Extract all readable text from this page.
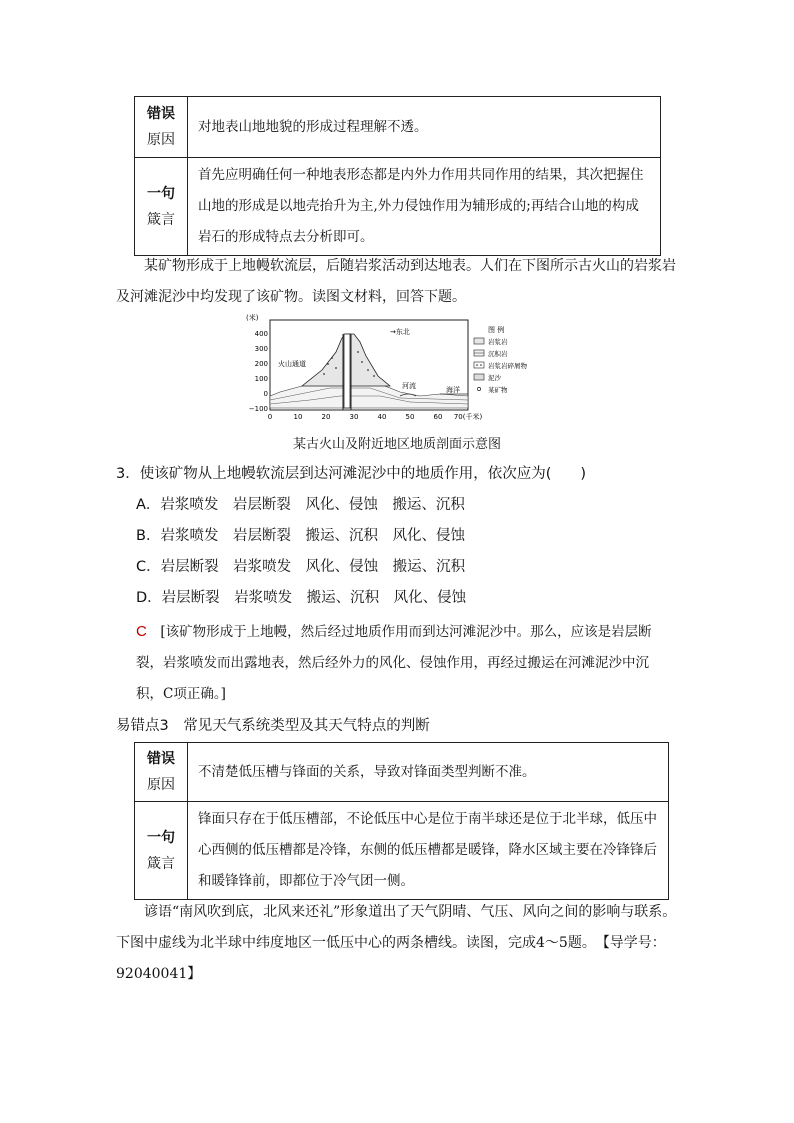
错误
原因	对地表山地地貌的形成过程理解不透。
一句
箴言	首先应明确任何一种地表形态都是内外力作用共同作用的结果，其次把握住山地的形成是以地壳抬升为主,外力侵蚀作用为辅形成的;再结合山地的构成岩石的形成特点去分析即可。

某矿物形成于上地幔软流层，后随岩浆活动到达地表。人们在下图所示古火山的岩浆岩及河滩泥沙中均发现了该矿物。读图文材料，回答下题。

(米)
400
300
200
100
0
−100
0	10	20	30	40	50	60 70(千米)
火山通道
→东北
河流	海洋
图 例
岩浆岩
沉积岩
岩浆岩碎屑物
泥沙
某矿物

某古火山及附近地区地质剖面示意图

3．使该矿物从上地幔软流层到达河滩泥沙中的地质作用，依次应为(　　)

A．岩浆喷发　岩层断裂　风化、侵蚀　搬运、沉积

B．岩浆喷发　岩层断裂　搬运、沉积　风化、侵蚀

C．岩层断裂　岩浆喷发　风化、侵蚀　搬运、沉积

D．岩层断裂　岩浆喷发　搬运、沉积　风化、侵蚀

C　 [该矿物形成于上地幔，然后经过地质作用而到达河滩泥沙中。那么，应该是岩层断裂，岩浆喷发而出露地表，然后经外力的风化、侵蚀作用，再经过搬运在河滩泥沙中沉积，C项正确。]

易错点3　常见天气系统类型及其天气特点的判断

错误
原因	不清楚低压槽与锋面的关系，导致对锋面类型判断不准。
一句
箴言	锋面只存在于低压槽部，不论低压中心是位于南半球还是位于北半球，低压中心西侧的低压槽都是冷锋，东侧的低压槽都是暖锋，降水区域主要在冷锋锋后和暖锋锋前，即都位于冷气团一侧。

谚语“南风吹到底，北风来还礼”形象道出了天气阴晴、气压、风向之间的影响与联系。下图中虚线为北半球中纬度地区一低压中心的两条槽线。读图，完成4～5题。　【导学号：92040041】
